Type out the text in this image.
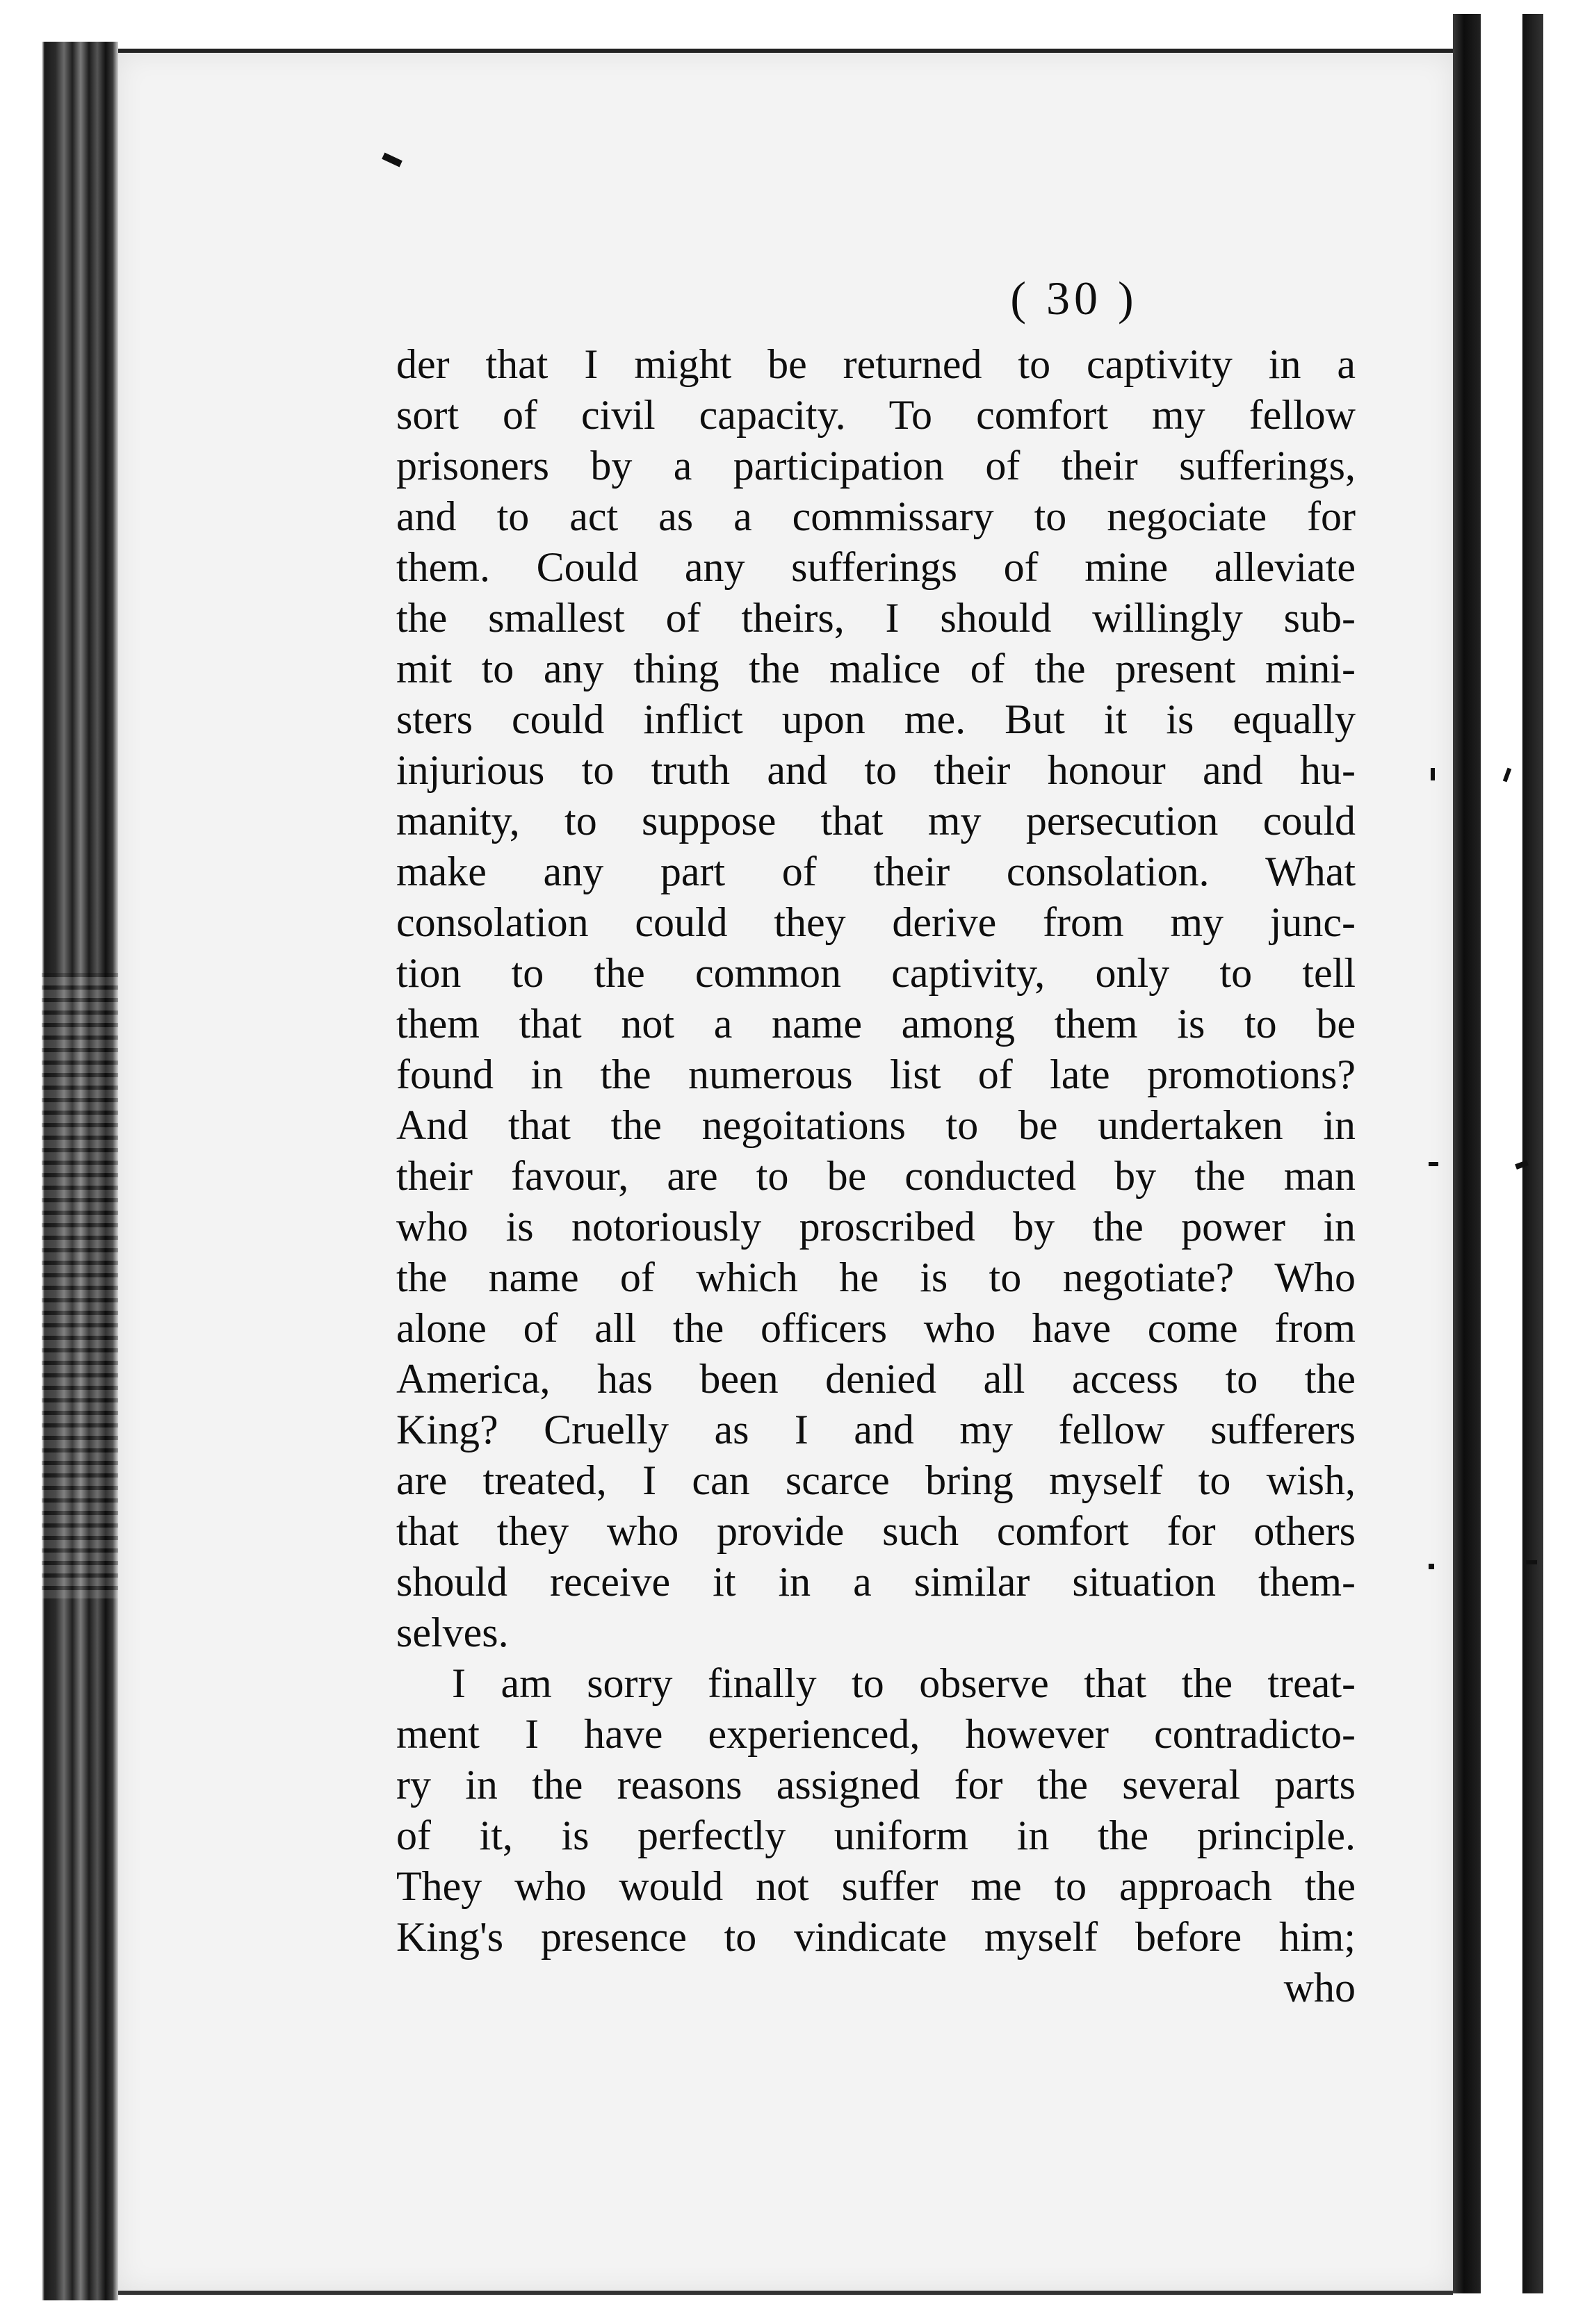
( 30 )
der that I might be returned to captivity in a
sort of civil capacity. To comfort my fellow
prisoners by a participation of their sufferings,
and to act as a commissary to negociate for
them. Could any sufferings of mine alleviate
the smallest of theirs, I should willingly sub-
mit to any thing the malice of the present mini-
sters could inflict upon me. But it is equally
injurious to truth and to their honour and hu-
manity, to suppose that my persecution could
make any part of their consolation. What
consolation could they derive from my junc-
tion to the common captivity, only to tell
them that not a name among them is to be
found in the numerous list of late promotions?
And that the negoitations to be undertaken in
their favour, are to be conducted by the man
who is notoriously proscribed by the power in
the name of which he is to negotiate? Who
alone of all the officers who have come from
America, has been denied all access to the
King? Cruelly as I and my fellow sufferers
are treated, I can scarce bring myself to wish,
that they who provide such comfort for others
should receive it in a similar situation them-
selves.
I am sorry finally to observe that the treat-
ment I have experienced, however contradicto-
ry in the reasons assigned for the several parts
of it, is perfectly uniform in the principle.
They who would not suffer me to approach the
King's presence to vindicate myself before him;
who
